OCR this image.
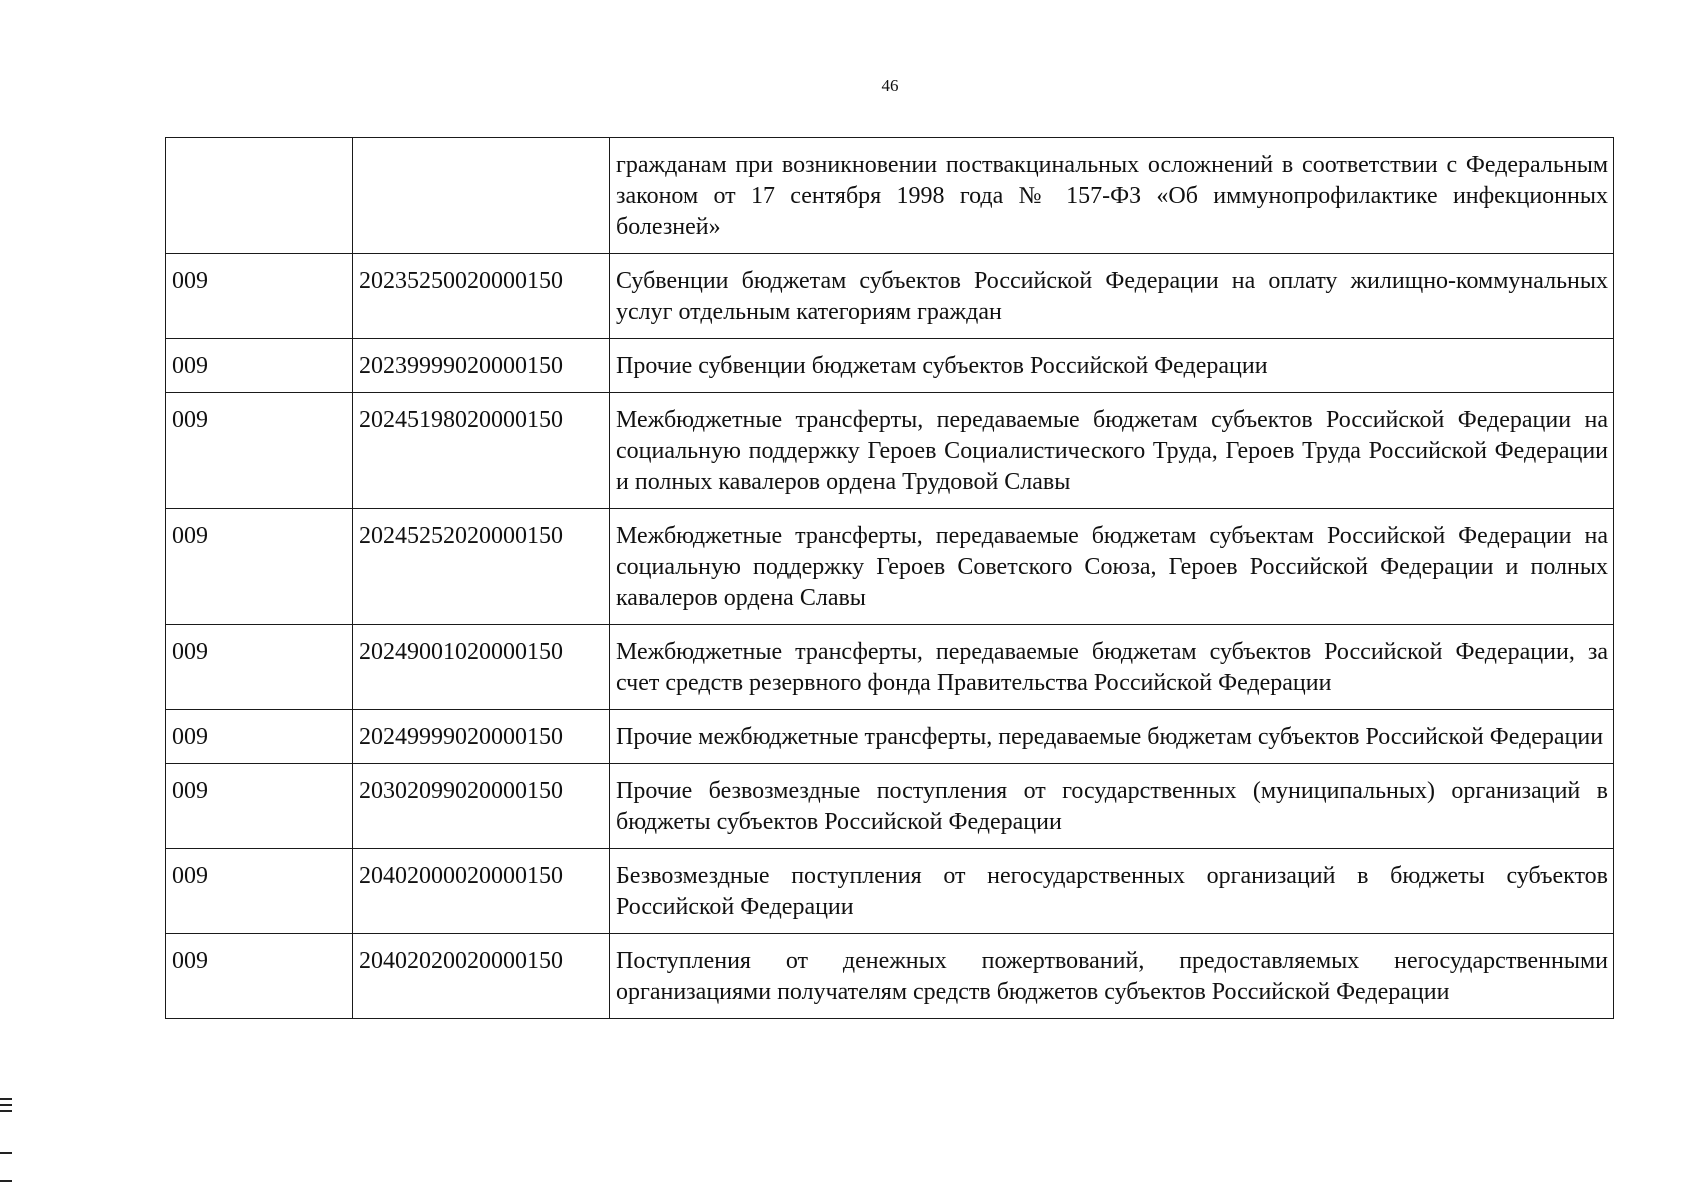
46
		гражданам при возникновении поствакцинальных осложнений в соответствии с Федеральным законом от 17 сентября 1998 года № 157-ФЗ «Об иммунопрофилактике инфекционных болезней»
009	20235250020000150	Субвенции бюджетам субъектов Российской Федерации на оплату жилищно-коммунальных услуг отдельным категориям граждан
009	20239999020000150	Прочие субвенции бюджетам субъектов Российской Федерации
009	20245198020000150	Межбюджетные трансферты, передаваемые бюджетам субъектов Российской Федерации на социальную поддержку Героев Социалистического Труда, Героев Труда Российской Федерации и полных кавалеров ордена Трудовой Славы
009	20245252020000150	Межбюджетные трансферты, передаваемые бюджетам субъектам Российской Федерации на социальную поддержку Героев Советского Союза, Героев Российской Федерации и полных кавалеров ордена Славы
009	20249001020000150	Межбюджетные трансферты, передаваемые бюджетам субъектов Российской Федерации, за счет средств резервного фонда Правительства Российской Федерации
009	20249999020000150	Прочие межбюджетные трансферты, передаваемые бюджетам субъектов Российской Федерации
009	20302099020000150	Прочие безвозмездные поступления от государственных (муниципальных) организаций в бюджеты субъектов Российской Федерации
009	20402000020000150	Безвозмездные поступления от негосударственных организаций в бюджеты субъектов Российской Федерации
009	20402020020000150	Поступления от денежных пожертвований, предоставляемых негосударственными организациями получателям средств бюджетов субъектов Российской Федерации
